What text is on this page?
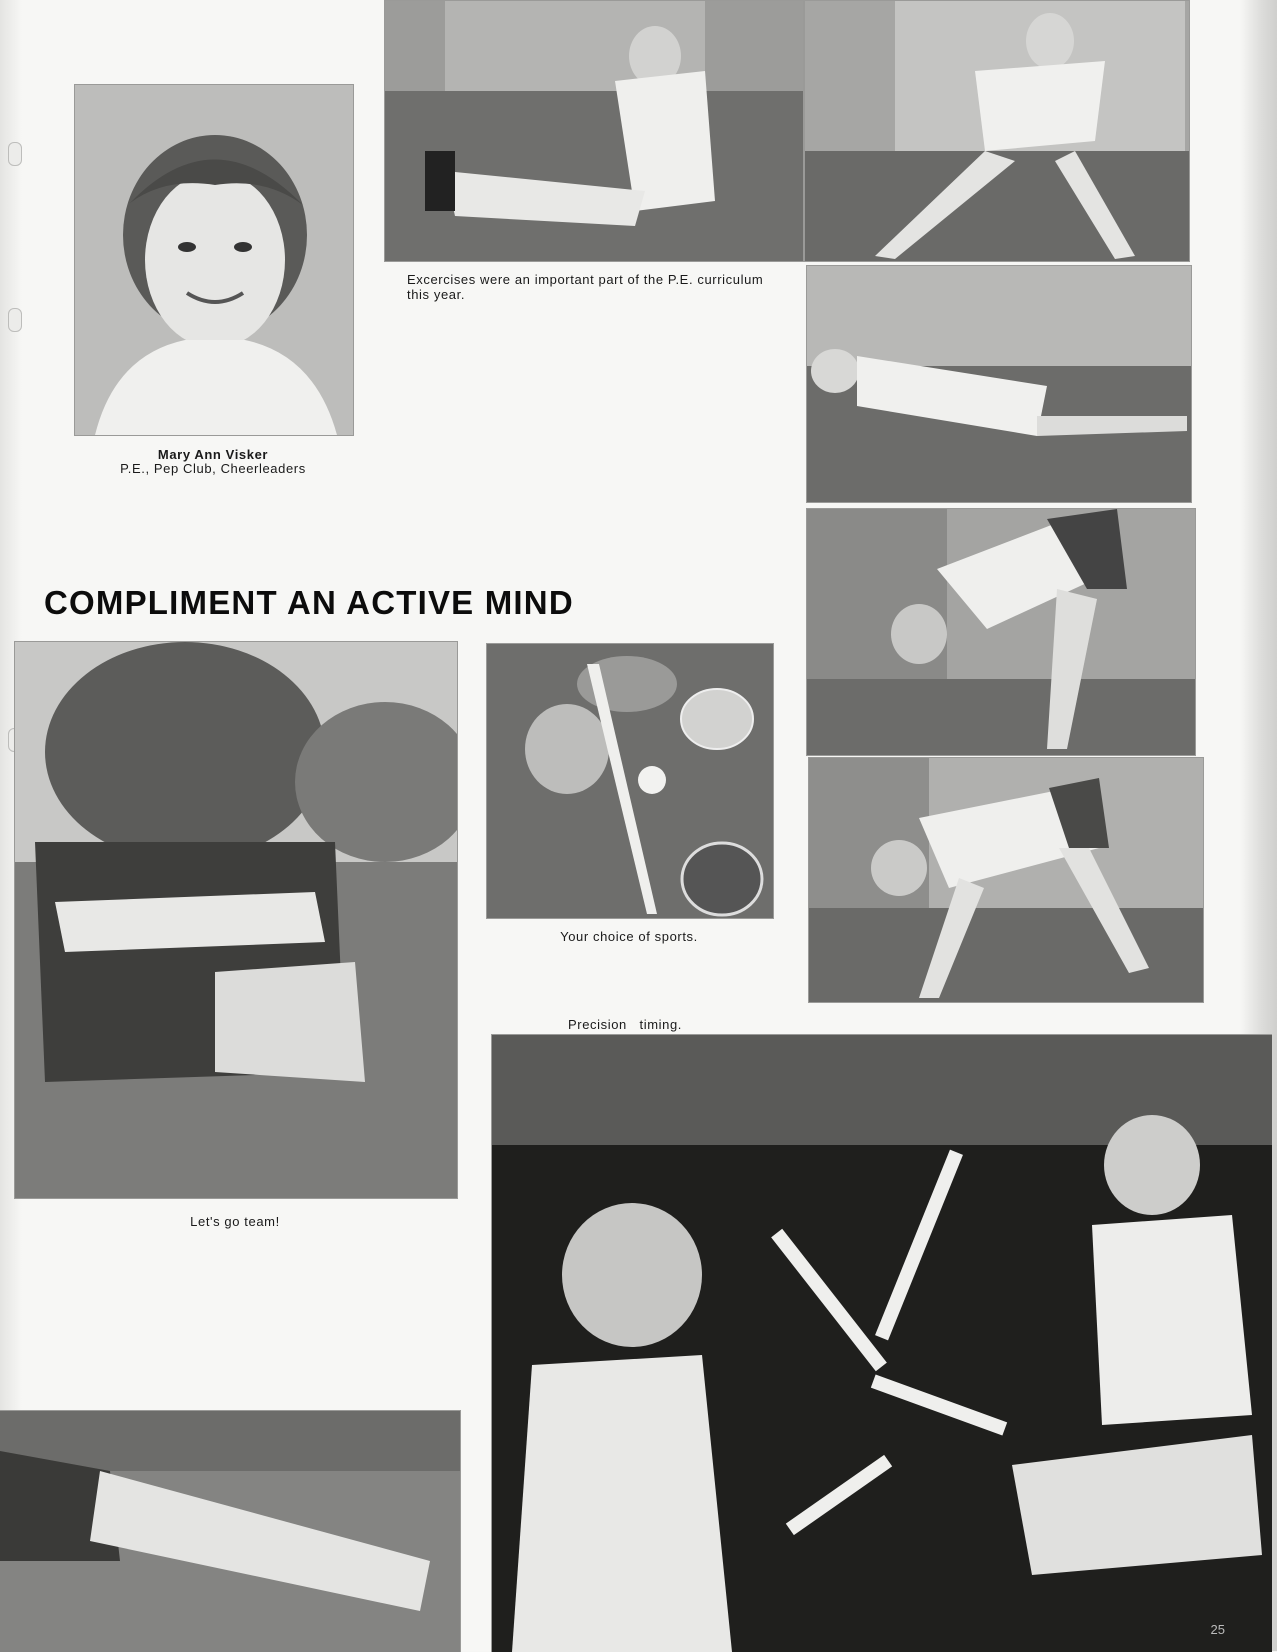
Mary Ann Visker
P.E., Pep Club, Cheerleaders
Excercises were an important part of the P.E. curriculum this year.
COMPLIMENT AN ACTIVE MIND
Let's go team!
Your choice of sports.
Precision   timing.
25
